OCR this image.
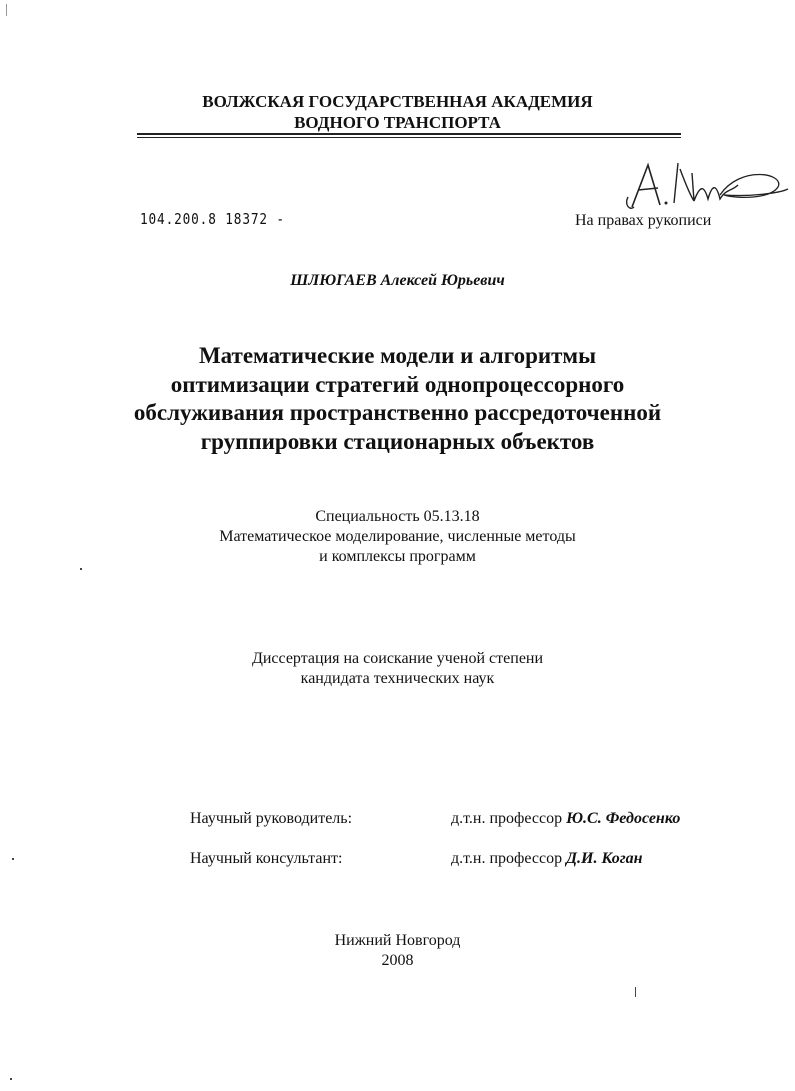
ВОЛЖСКАЯ ГОСУДАРСТВЕННАЯ АКАДЕМИЯ
ВОДНОГО ТРАНСПОРТА
104.200.8 18372 -	На правах рукописи
ШЛЮГАЕВ Алексей Юрьевич
Математические модели и алгоритмы
оптимизации стратегий однопроцессорного
обслуживания пространственно рассредоточенной
группировки стационарных объектов
Специальность 05.13.18
Математическое моделирование, численные методы
и комплексы программ
Диссертация на соискание ученой степени
кандидата технических наук
Научный руководитель:	д.т.н. профессор Ю.С. Федосенко
Научный консультант:	д.т.н. профессор Д.И. Коган
Нижний Новгород
2008
